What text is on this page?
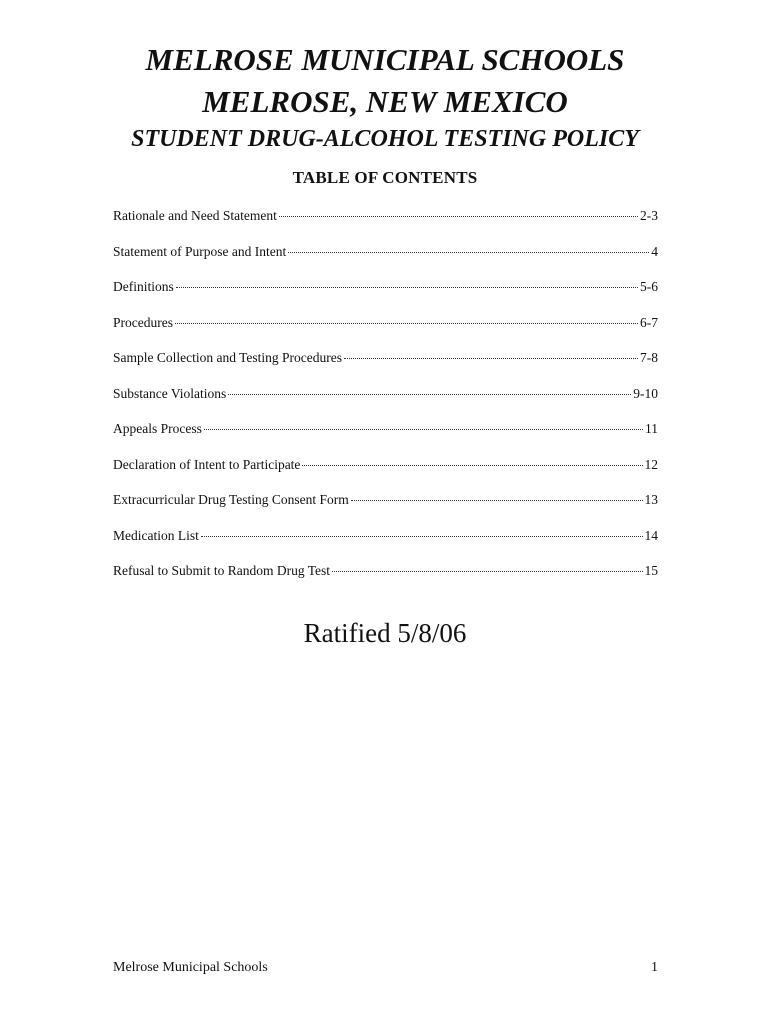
MELROSE MUNICIPAL SCHOOLS
MELROSE, NEW MEXICO
STUDENT DRUG-ALCOHOL TESTING POLICY
TABLE OF CONTENTS
Rationale and Need Statement	2-3
Statement of Purpose and Intent	4
Definitions	5-6
Procedures	6-7
Sample Collection and Testing Procedures	7-8
Substance Violations	9-10
Appeals Process	11
Declaration of Intent to Participate	12
Extracurricular Drug Testing Consent Form	13
Medication List	14
Refusal to Submit to Random Drug Test	15
Ratified 5/8/06
Melrose Municipal Schools	1
